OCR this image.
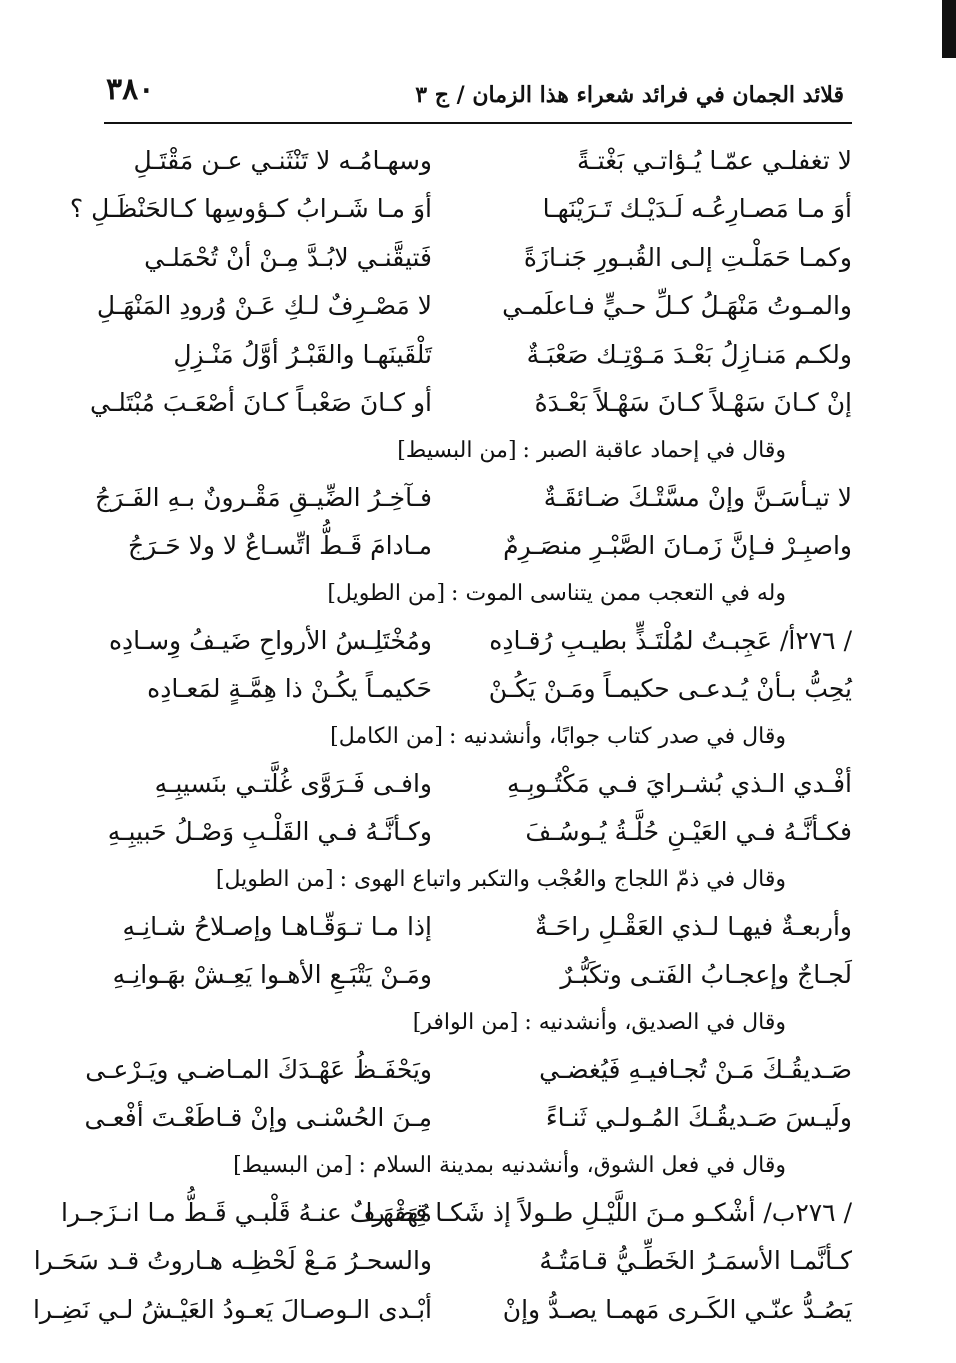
٣٨٠	قلائد الجمان في فرائد شعراء هذا الزمان / ج ٣
لا تغفلـي عمّـا يُـؤاتـي بَغْتـةً
وسهـامُـه لا تَنْثَنـي عـن مَقْتَـلِ
أوَ مـا مَصـارِعُـه لَـدَيْـك تَـرَيْنَهـا
أوَ مـا شَـرابُ كـؤوسِها كـالحَنْظَـلِ ؟
وكمـا حَمَلْـتِ إلـى القُبـورِ جَنـازَةً
فَتيقَّنـي لابُـدَّ مِـنْ أنْ تُحْمَلـي
والمـوتُ مَنْهَـلُ كـلِّ حـيٍّ فـاعلَمـي
لا مَصْـرِفٌ لـكِ عَـنْ وُرودِ المَنْهَـلِ
ولكـم مَنـازِلُ بَعْـدَ مَـوْتِـك صَعْبَـةٌ
تَلْقَينَهـا والقَبْـرُ أوَّلُ مَنْـزِلِ
إنْ كـانَ سَهْـلاً كـانَ سَهْـلاً بَعْـدَهُ
أو كـانَ صَعْبـاً كـانَ أصْعَـبَ مُبْتَلـي
وقال في إحماد عاقبة الصبر :
[من البسيط]
لا تيـأسَـنَّ وإنْ مسَّتْـكَ ضـائقَـةٌ
فـآخِـرُ الضِّيـقِ مَقْـرونٌ بـهِ الفَـرَجُ
واصبِـرْ فـإنَّ زَمـانَ الصَّبْـرِ منصَـرِمٌ
مـادامَ قَـطُّ اتِّسـاعٌ لا ولا حَـرَجُ
وله في التعجب ممن يتناسى الموت :
[من الطويل]
/ ٢٧٦أ/ عَجِبـتُ لمُلْتَـذٍّ بطيـبِ رُقـادِه
ومُخْتَلِـسُ الأرواحِ ضَيـفُ وِسـادِه
يُحِبُّ بـأنْ يُـدعـى حكيمـاً ومَـنْ يَكُـنْ
حَكيمـاً يكُـنْ ذا هِمَّـةٍ لمَعـادِه
وقال في صدر كتاب جوابًا، وأنشدنيه :
[من الكامل]
أفْـدي الـذي بُشـرايَ فـي مَكْتُـوبِـهِ
وافـى فَـرَوَّى غُلَّتـي بنَسيبِـهِ
فكـأنَّـهُ فـي العَيْـنِ حُلَّـةُ يُـوسُـفَ
وكـأنَّـهُ فـي القَلْـبِ وَصْـلُ حَبيبِـهِ
وقال في ذمّ اللجاج والعُجْب والتكبر واتباع الهوى :
[من الطويل]
وأربعـةٌ فيهـا لـذي العَقْـلِ راحَـةٌ
إذا مـا تـوَقّـاهـا وإصـلاحُ شـانِـهِ
لَجـاجٌ وإعجـابُ الفَتـى وتكَبُّـرٌ
ومَـنْ يَتْبَـعِ الأهـوا يَعِـشْ بهَـوانِـهِ
وقال في الصديق، وأنشدنيه :
[من الوافر]
صَـديقُـكَ مَـنْ تُجـافيـهِ فَيُغضـي
ويَحْفَـظُ عَهْـدَكَ المـاضـي ويَـرْعـى
ولَيـسَ صَـديقُـكَ المُـولـي ثَنـاءً
مِـنَ الحُسْنـى وإنْ قـاطَعْـتَ أفْعـى
وقال في فعل الشوق، وأنشدنيه بمدينة السلام :
[من البسيط]
/ ٢٧٦ب/ أشْكـو مـنَ اللَّيْـلِ طـولاً إذ شَكـا قِصَـرا
مُهَفْهَـفٌ عنـهُ قَلْبـي قَـطُّ مـا انـزَجـرا
كـأنَّمـا الأسمَـرُ الخَطِّـيُّ قـامَتُـهُ
والسحـرُ مَـعْ لَحْظِـه هـاروتُ قـد سَحَـرا
يَصُـدُّ عنّـي الكَـرى مَهمـا يصـدُّ وإنْ
أبْـدى الـوصـالَ يَعـودُ العَيْـشُ لـي نَضِـرا
